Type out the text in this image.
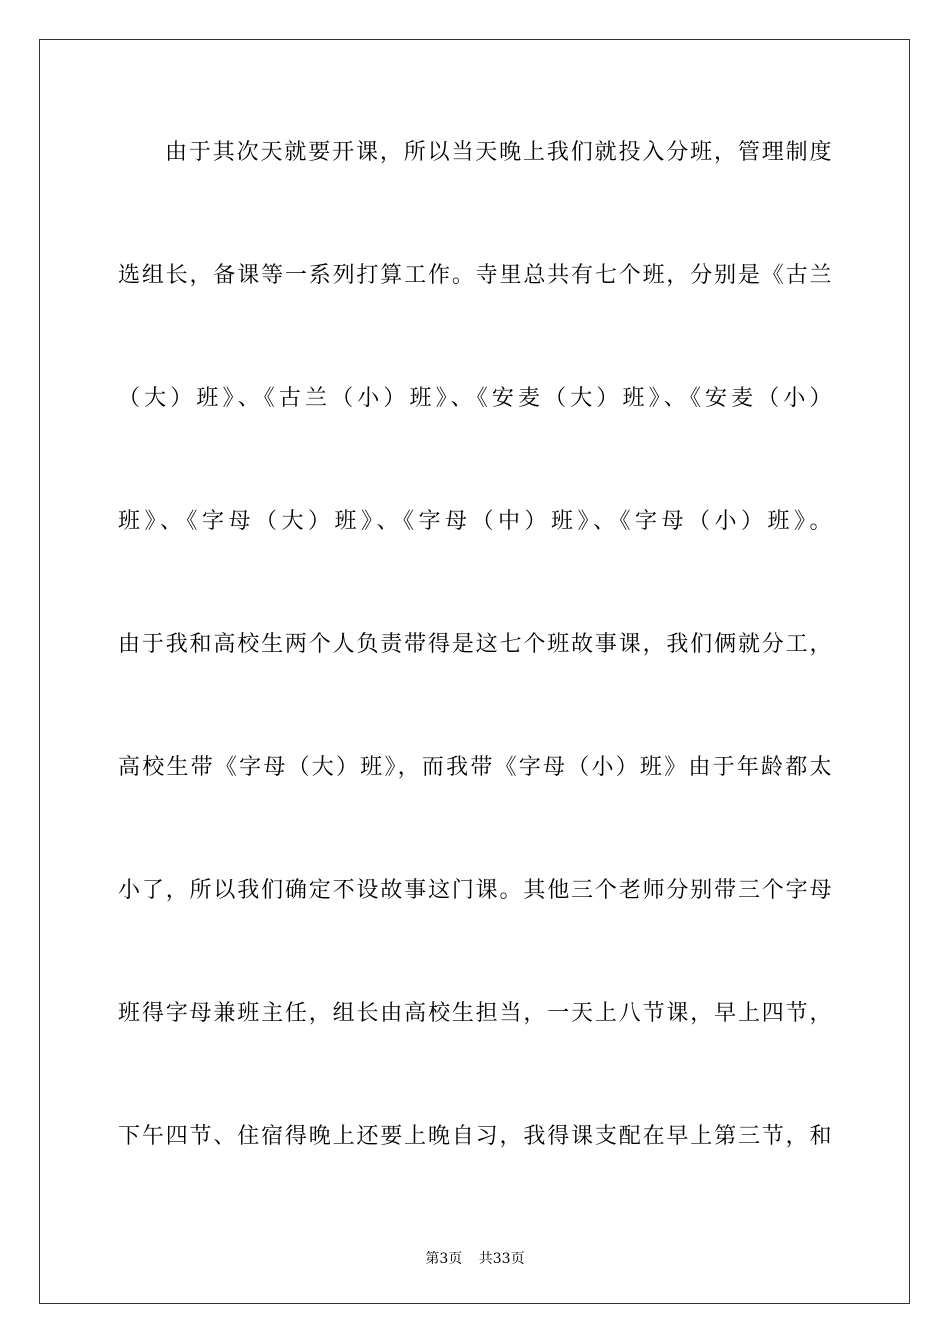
由于其次天就要开课，所以当天晚上我们就投入分班，管理制度
选组长，备课等一系列打算工作。寺里总共有七个班，分别是《古兰
（大）班》、《古兰（小）班》、《安麦（大）班》、《安麦（小）
班》、《字母（大）班》、《字母（中）班》、《字母（小）班》。
由于我和高校生两个人负责带得是这七个班故事课，我们俩就分工，
高校生带《字母（大）班》，而我带《字母（小）班》由于年龄都太
小了，所以我们确定不设故事这门课。其他三个老师分别带三个字母
班得字母兼班主任，组长由高校生担当，一天上八节课，早上四节，
下午四节、住宿得晚上还要上晚自习，我得课支配在早上第三节，和
第3页 共33页
